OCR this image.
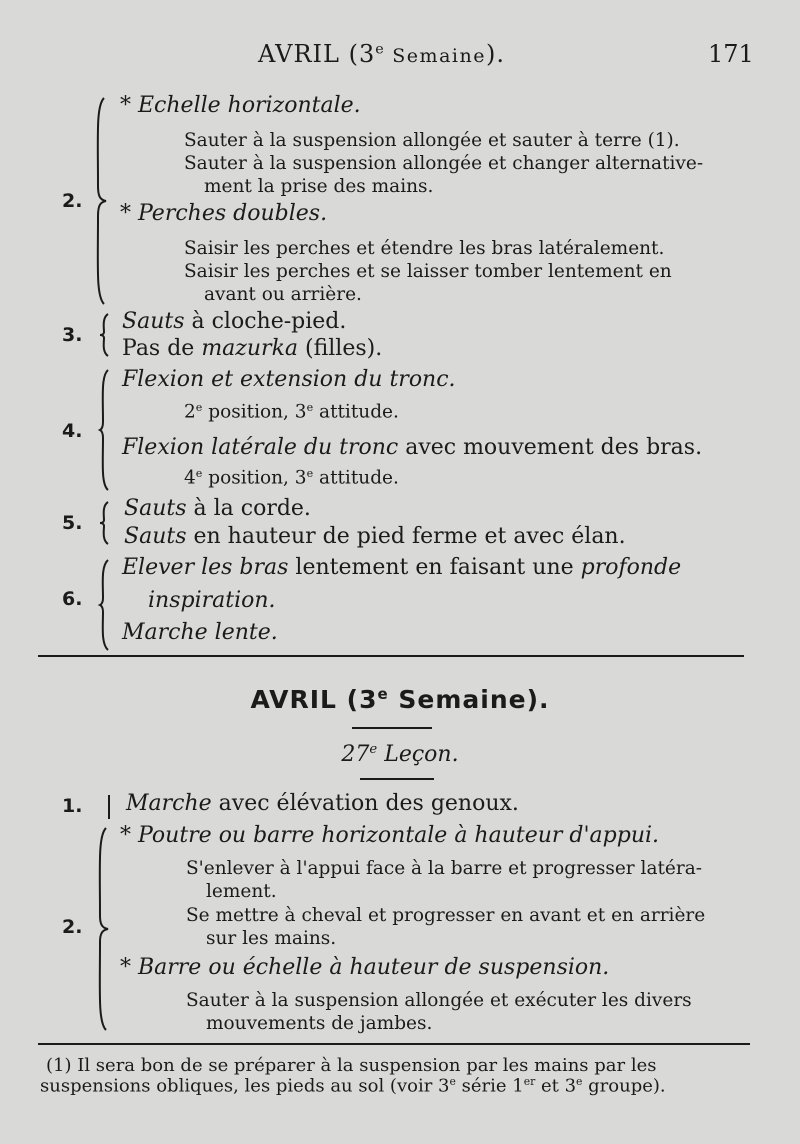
AVRIL (3e Semaine).	171
2.
* Echelle horizontale.
Sauter à la suspension allongée et sauter à terre (1).
Sauter à la suspension allongée et changer alternative-
ment la prise des mains.
* Perches doubles.
Saisir les perches et étendre les bras latéralement.
Saisir les perches et se laisser tomber lentement en
avant ou arrière.
3.
Sauts à cloche-pied.
Pas de mazurka (filles).
4.
Flexion et extension du tronc.
2e position, 3e attitude.
Flexion latérale du tronc avec mouvement des bras.
4e position, 3e attitude.
5.
Sauts à la corde.
Sauts en hauteur de pied ferme et avec élan.
6.
Elever les bras lentement en faisant une profonde
inspiration.
Marche lente.
AVRIL (3e Semaine).
27e Leçon.
1. Marche avec élévation des genoux.
2.
* Poutre ou barre horizontale à hauteur d'appui.
S'enlever à l'appui face à la barre et progresser latéra-
lement.
Se mettre à cheval et progresser en avant et en arrière
sur les mains.
* Barre ou échelle à hauteur de suspension.
Sauter à la suspension allongée et exécuter les divers
mouvements de jambes.
(1) Il sera bon de se préparer à la suspension par les mains par les
suspensions obliques, les pieds au sol (voir 3e série 1er et 3e groupe).
